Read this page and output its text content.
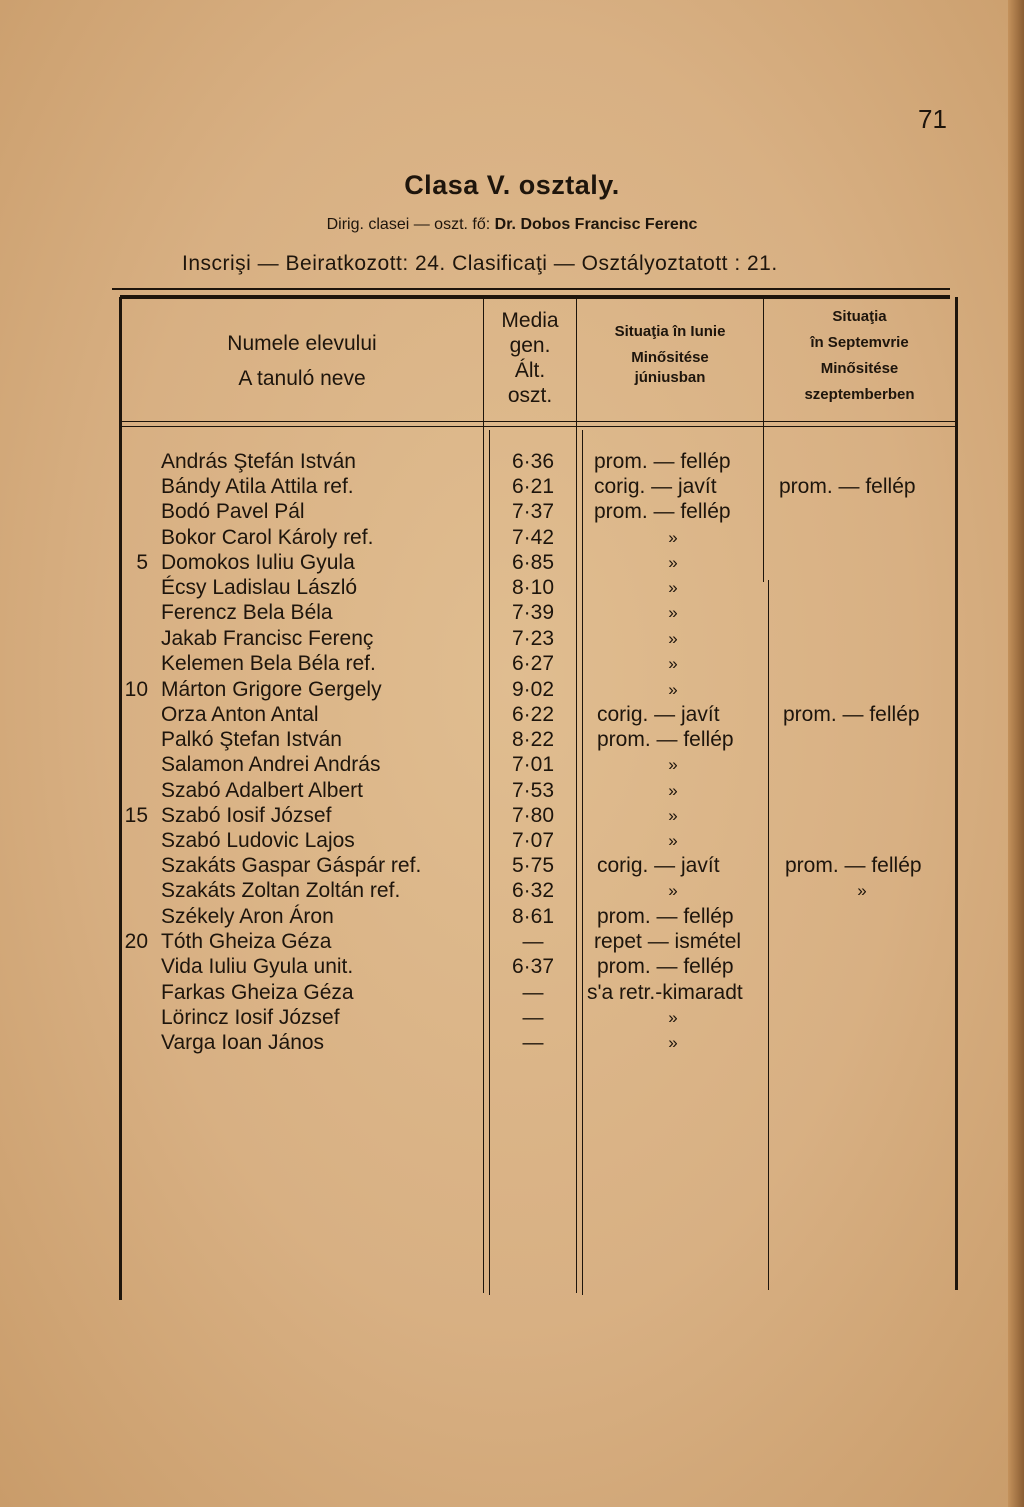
71
Clasa V. osztaly.
Dirig. clasei — oszt. fő: Dr. Dobos Francisc Ferenc
Inscrişi — Beiratkozott: 24. Clasificaţi — Osztályoztatott : 21.
Numele elevului
A tanuló neve
Media
gen.
Ált.
oszt.
Situaţia în Iunie
Minősitése
júniusban
Situaţia
în Septemvrie
Minősitése
szeptemberben
5
10
15
20
András Ştefán István
Bándy Atila Attila ref.
Bodó Pavel Pál
Bokor Carol Károly ref.
Domokos Iuliu Gyula
Écsy Ladislau László
Ferencz Bela Béla
Jakab Francisc Ferenç
Kelemen Bela Béla ref.
Márton Grigore Gergely
Orza Anton Antal
Palkó Ştefan István
Salamon Andrei András
Szabó Adalbert Albert
Szabó Iosif József
Szabó Ludovic Lajos
Szakáts Gaspar Gáspár ref.
Szakáts Zoltan Zoltán ref.
Székely Aron Áron
Tóth Gheiza Géza
Vida Iuliu Gyula unit.
Farkas Gheiza Géza
Lörincz Iosif József
Varga Ioan János
6·36
6·21
7·37
7·42
6·85
8·10
7·39
7·23
6·27
9·02
6·22
8·22
7·01
7·53
7·80
7·07
5·75
6·32
8·61
—
6·37
—
—
—
prom. — fellép
corig. — javít
prom. — fellép
»
»
»
»
»
»
»
corig. — javít
prom. — fellép
»
»
»
»
corig. — javít
»
prom. — fellép
repet — ismétel
prom. — fellép
s'a retr.-kimaradt
»
»
prom. — fellép
prom. — fellép
prom. — fellép
»
